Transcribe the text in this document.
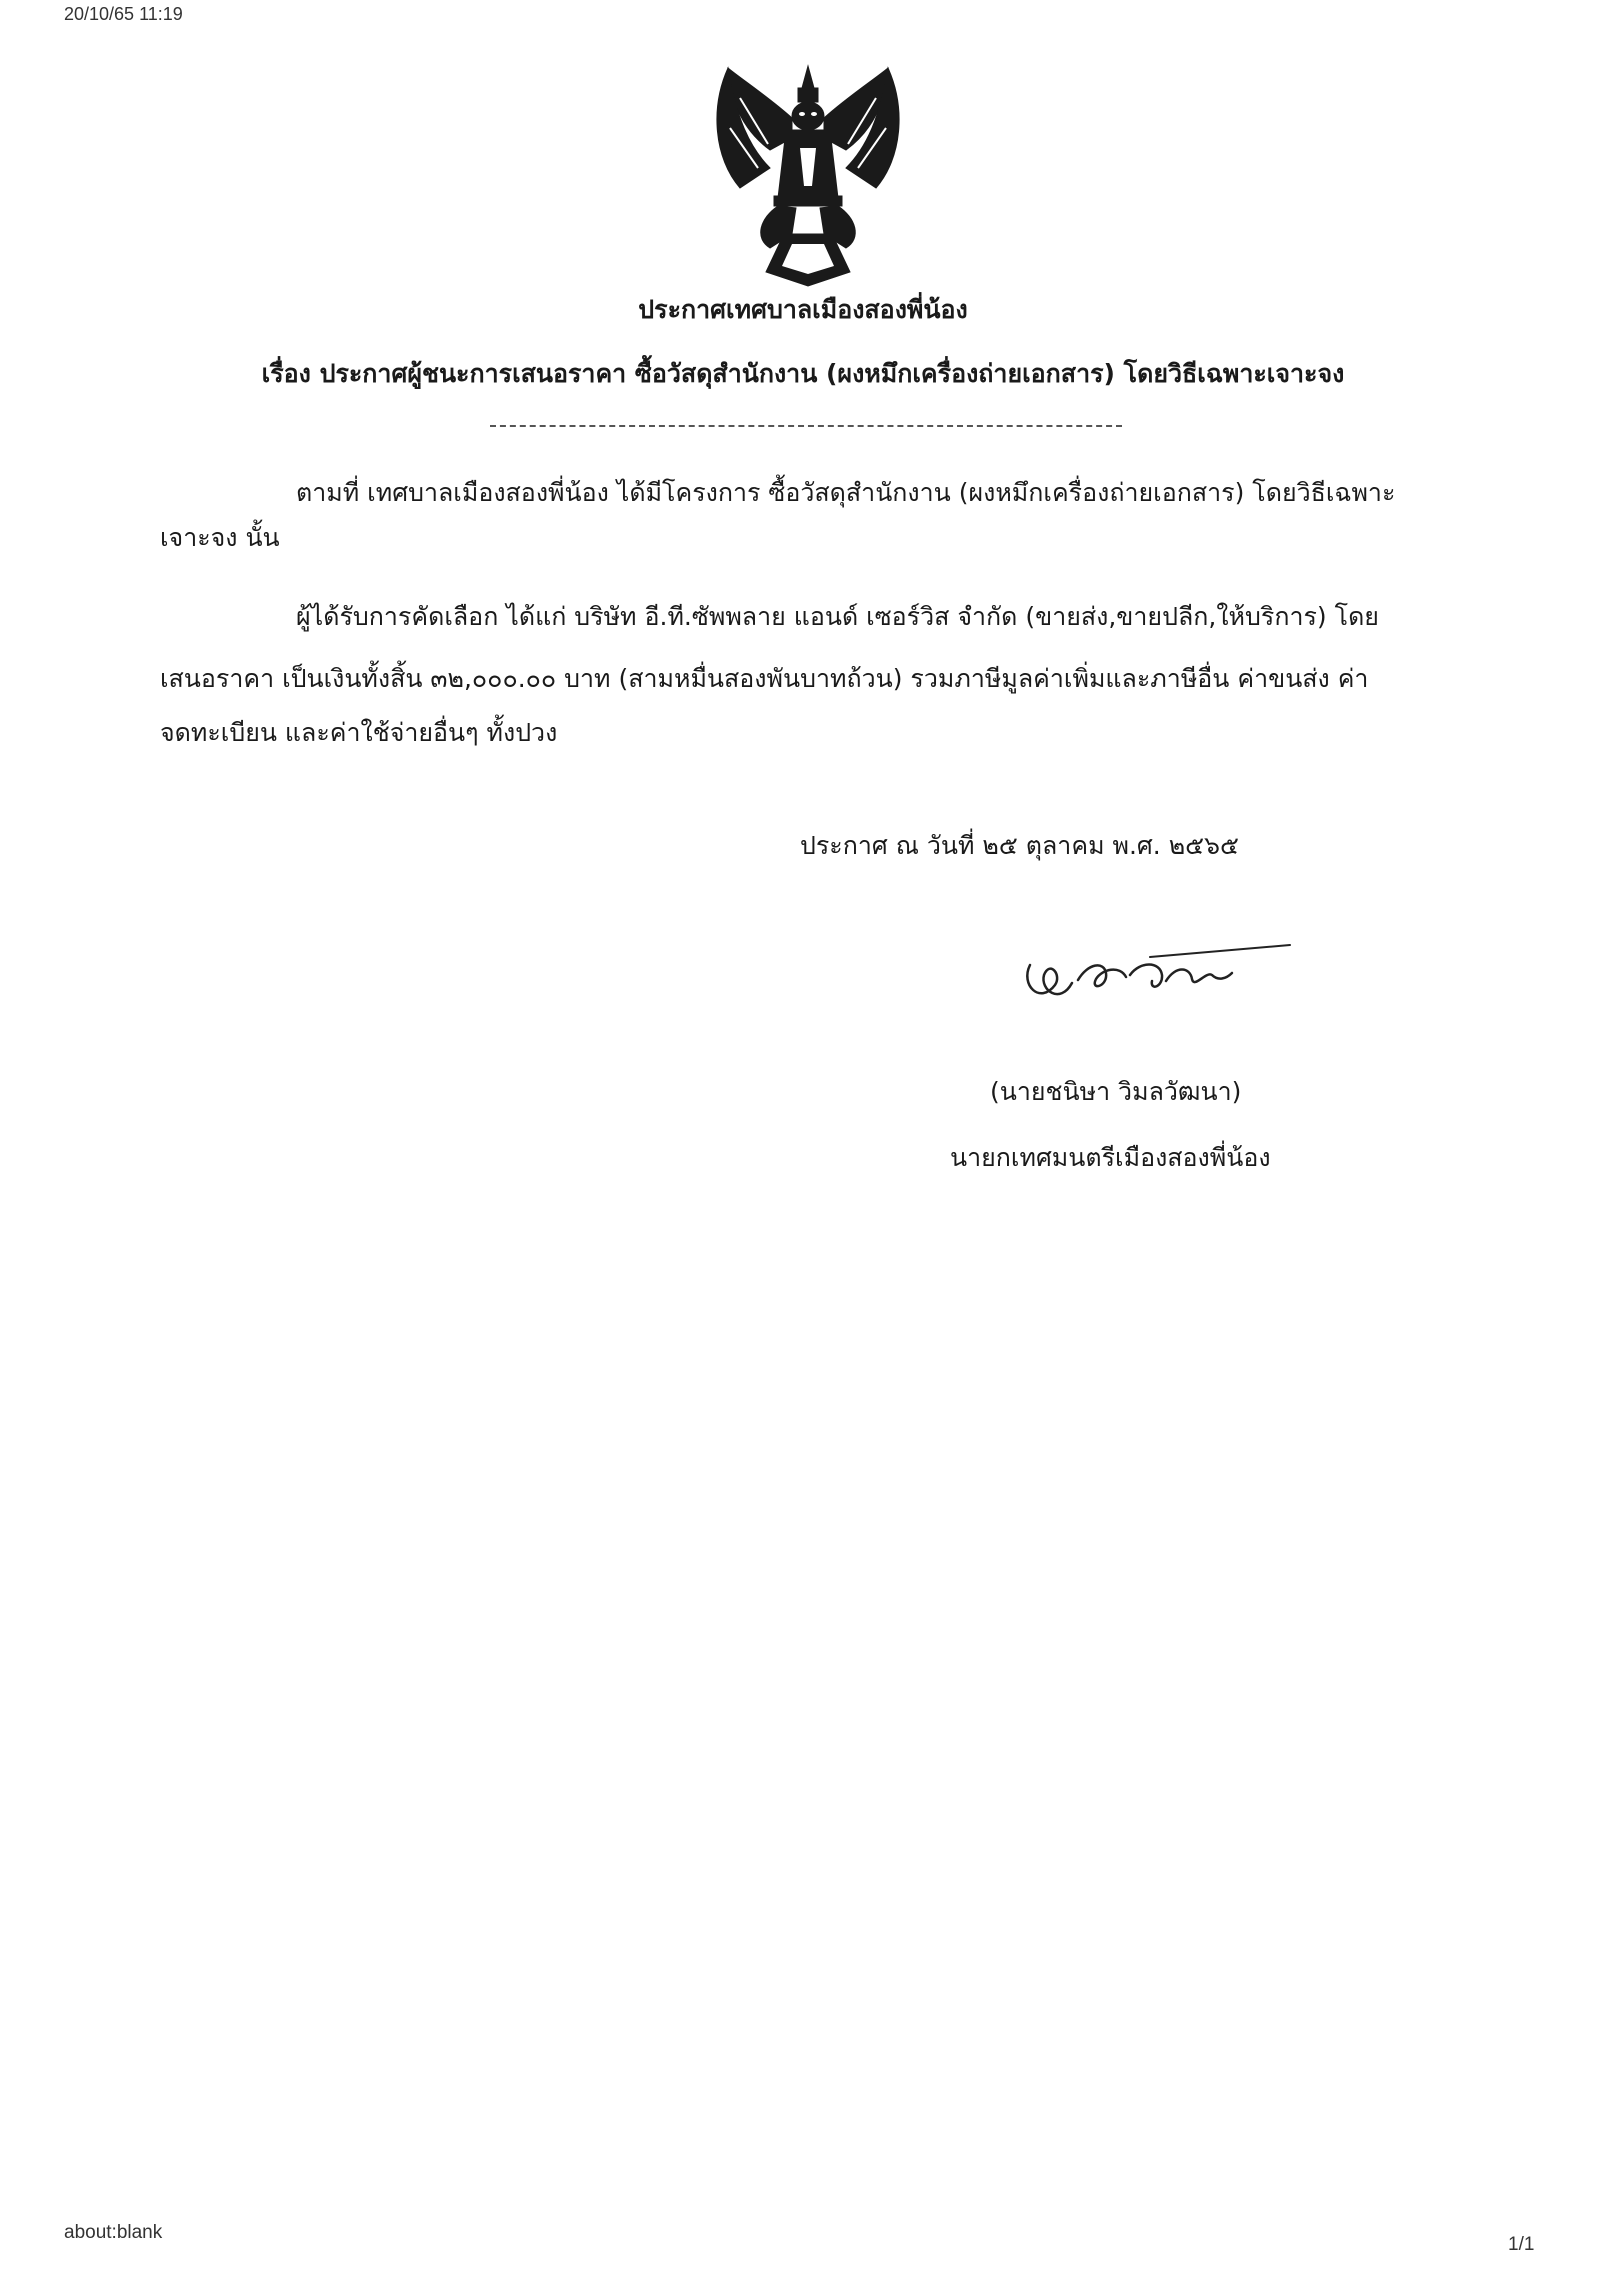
20/10/65 11:19
ประกาศเทศบาลเมืองสองพี่น้อง
เรื่อง ประกาศผู้ชนะการเสนอราคา ซื้อวัสดุสำนักงาน (ผงหมึกเครื่องถ่ายเอกสาร) โดยวิธีเฉพาะเจาะจง
ตามที่ เทศบาลเมืองสองพี่น้อง ได้มีโครงการ ซื้อวัสดุสำนักงาน (ผงหมึกเครื่องถ่ายเอกสาร) โดยวิธีเฉพาะ
เจาะจง นั้น
ผู้ได้รับการคัดเลือก ได้แก่ บริษัท อี.ที.ซัพพลาย แอนด์ เซอร์วิส จำกัด (ขายส่ง,ขายปลีก,ให้บริการ) โดย
เสนอราคา เป็นเงินทั้งสิ้น ๓๒,๐๐๐.๐๐ บาท (สามหมื่นสองพันบาทถ้วน) รวมภาษีมูลค่าเพิ่มและภาษีอื่น ค่าขนส่ง ค่า
จดทะเบียน และค่าใช้จ่ายอื่นๆ ทั้งปวง
ประกาศ ณ วันที่ ๒๕ ตุลาคม พ.ศ. ๒๕๖๕
(นายชนิษา วิมลวัฒนา)
นายกเทศมนตรีเมืองสองพี่น้อง
about:blank
1/1
